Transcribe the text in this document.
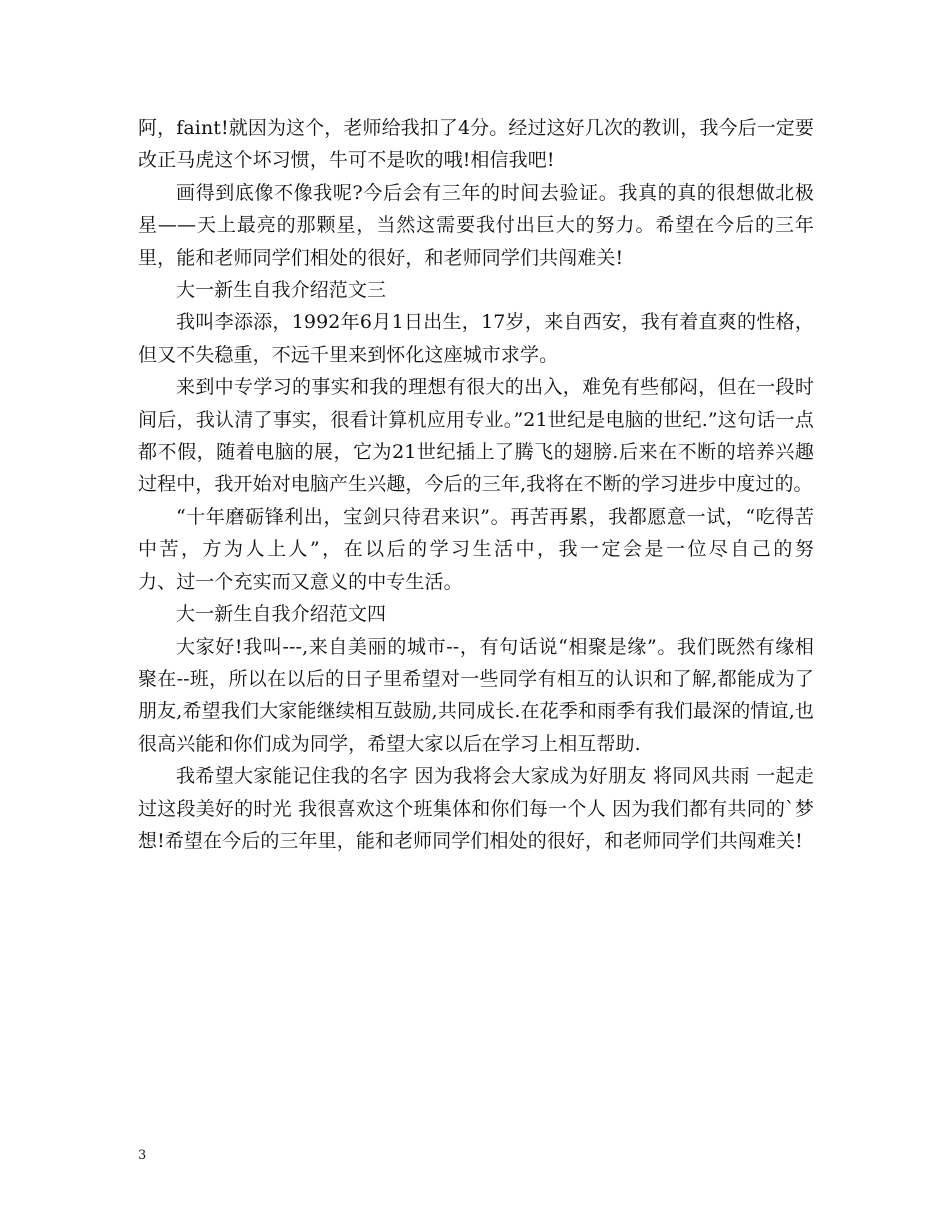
阿，faint!就因为这个，老师给我扣了4分。经过这好几次的教训，我今后一定要改正马虎这个坏习惯，牛可不是吹的哦!相信我吧!

画得到底像不像我呢?今后会有三年的时间去验证。我真的真的很想做北极星——天上最亮的那颗星，当然这需要我付出巨大的努力。希望在今后的三年里，能和老师同学们相处的很好，和老师同学们共闯难关!

大一新生自我介绍范文三

我叫李添添，1992年6月1日出生，17岁，来自西安，我有着直爽的性格，但又不失稳重，不远千里来到怀化这座城市求学。

来到中专学习的事实和我的理想有很大的出入，难免有些郁闷，但在一段时间后，我认清了事实，很看计算机应用专业。”21世纪是电脑的世纪.”这句话一点都不假，随着电脑的展，它为21世纪插上了腾飞的翅膀.后来在不断的培养兴趣过程中，我开始对电脑产生兴趣，今后的三年,我将在不断的学习进步中度过的。

“十年磨砺锋利出，宝剑只待君来识”。再苦再累，我都愿意一试，“吃得苦中苦，方为人上人”，在以后的学习生活中，我一定会是一位尽自己的努　　力、过一个充实而又意义的中专生活。

大一新生自我介绍范文四

大家好!我叫---,来自美丽的城市--，有句话说“相聚是缘”。我们既然有缘相聚在--班，所以在以后的日子里希望对一些同学有相互的认识和了解,都能成为了朋友,希望我们大家能继续相互鼓励,共同成长.在花季和雨季有我们最深的情谊,也很高兴能和你们成为同学，希望大家以后在学习上相互帮助.

我希望大家能记住我的名字 因为我将会大家成为好朋友 将同风共雨 一起走过这段美好的时光 我很喜欢这个班集体和你们每一个人 因为我们都有共同的`梦想!希望在今后的三年里，能和老师同学们相处的很好，和老师同学们共闯难关!

3
